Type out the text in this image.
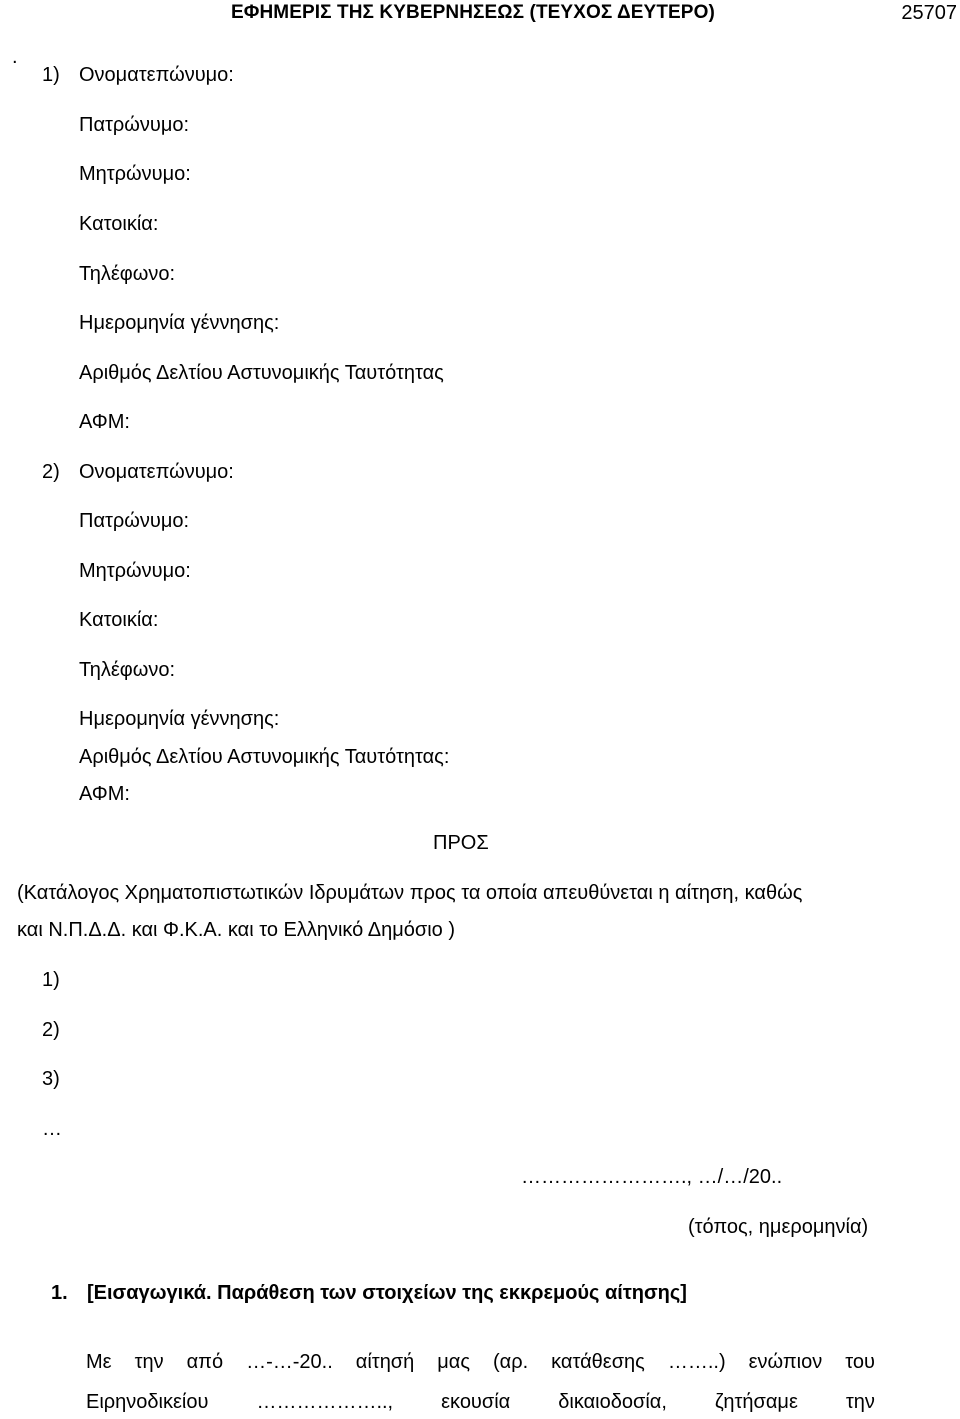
ΕΦΗΜΕΡΙΣ ΤΗΣ ΚΥΒΕΡΝΗΣΕΩΣ (ΤΕΥΧΟΣ ΔΕΥΤΕΡΟ)	25707
.
1) Ονοματεπώνυμο:
Πατρώνυμο:
Μητρώνυμο:
Κατοικία:
Τηλέφωνο:
Ημερομηνία γέννησης:
Αριθμός Δελτίου Αστυνομικής Ταυτότητας
ΑΦΜ:
2) Ονοματεπώνυμο:
Πατρώνυμο:
Μητρώνυμο:
Κατοικία:
Τηλέφωνο:
Ημερομηνία γέννησης:
Αριθμός Δελτίου Αστυνομικής Ταυτότητας:
ΑΦΜ:
ΠΡΟΣ
(Κατάλογος Χρηματοπιστωτικών Ιδρυμάτων προς τα οποία απευθύνεται η αίτηση, καθώς
και Ν.Π.Δ.Δ. και Φ.Κ.Α. και το Ελληνικό Δημόσιο )
1)
2)
3)
…
……………………., …/…/20..
(τόπος, ημερομηνία)
1. [Εισαγωγικά. Παράθεση των στοιχείων της εκκρεμούς αίτησης]
Με την από …-…-20.. αίτησή μας (αρ. κατάθεσης ……..) ενώπιον του
Ειρηνοδικείου ……………….., εκουσία δικαιοδοσία, ζητήσαμε την
